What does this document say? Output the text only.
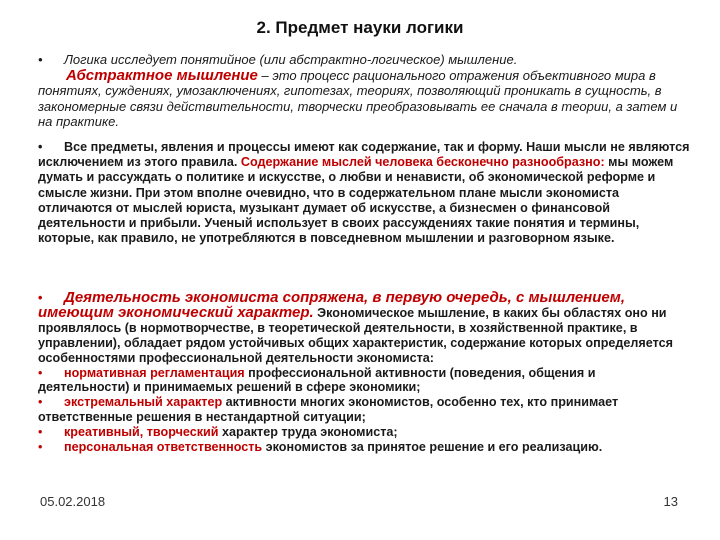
2. Предмет науки логики
• Логика исследует понятийное (или абстрактно-логическое) мышление.
Абстрактное мышление – это процесс рационального отражения объективного мира в понятиях, суждениях, умозаключениях, гипотезах, теориях, позволяющий проникать в сущность, в закономерные связи действительности, творчески преобразовывать ее сначала в теории, а затем и на практике.
• Все предметы, явления и процессы имеют как содержание, так и форму. Наши мысли не являются исключением из этого правила. Содержание мыслей человека бесконечно разнообразно: мы можем думать и рассуждать о политике и искусстве, о любви и ненависти, об экономической реформе и смысле жизни. При этом вполне очевидно, что в содержательном плане мысли экономиста отличаются от мыслей юриста, музыкант думает об искусстве, а бизнесмен о финансовой деятельности и прибыли. Ученый использует в своих рассуждениях такие понятия и термины, которые, как правило, не употребляются в повседневном мышлении и разговорном языке.
• Деятельность экономиста сопряжена, в первую очередь, с мышлением, имеющим экономический характер. Экономическое мышление, в каких бы областях оно ни проявлялось (в нормотворчестве, в теоретической деятельности, в хозяйственной практике, в управлении), обладает рядом устойчивых общих характеристик, содержание которых определяется особенностями профессиональной деятельности экономиста:
• нормативная регламентация профессиональной активности (поведения, общения и деятельности) и принимаемых решений в сфере экономики;
• экстремальный характер активности многих экономистов, особенно тех, кто принимает ответственные решения в нестандартной ситуации;
• креативный, творческий характер труда экономиста;
• персональная ответственность экономистов за принятое решение и его реализацию.
05.02.2018	13
